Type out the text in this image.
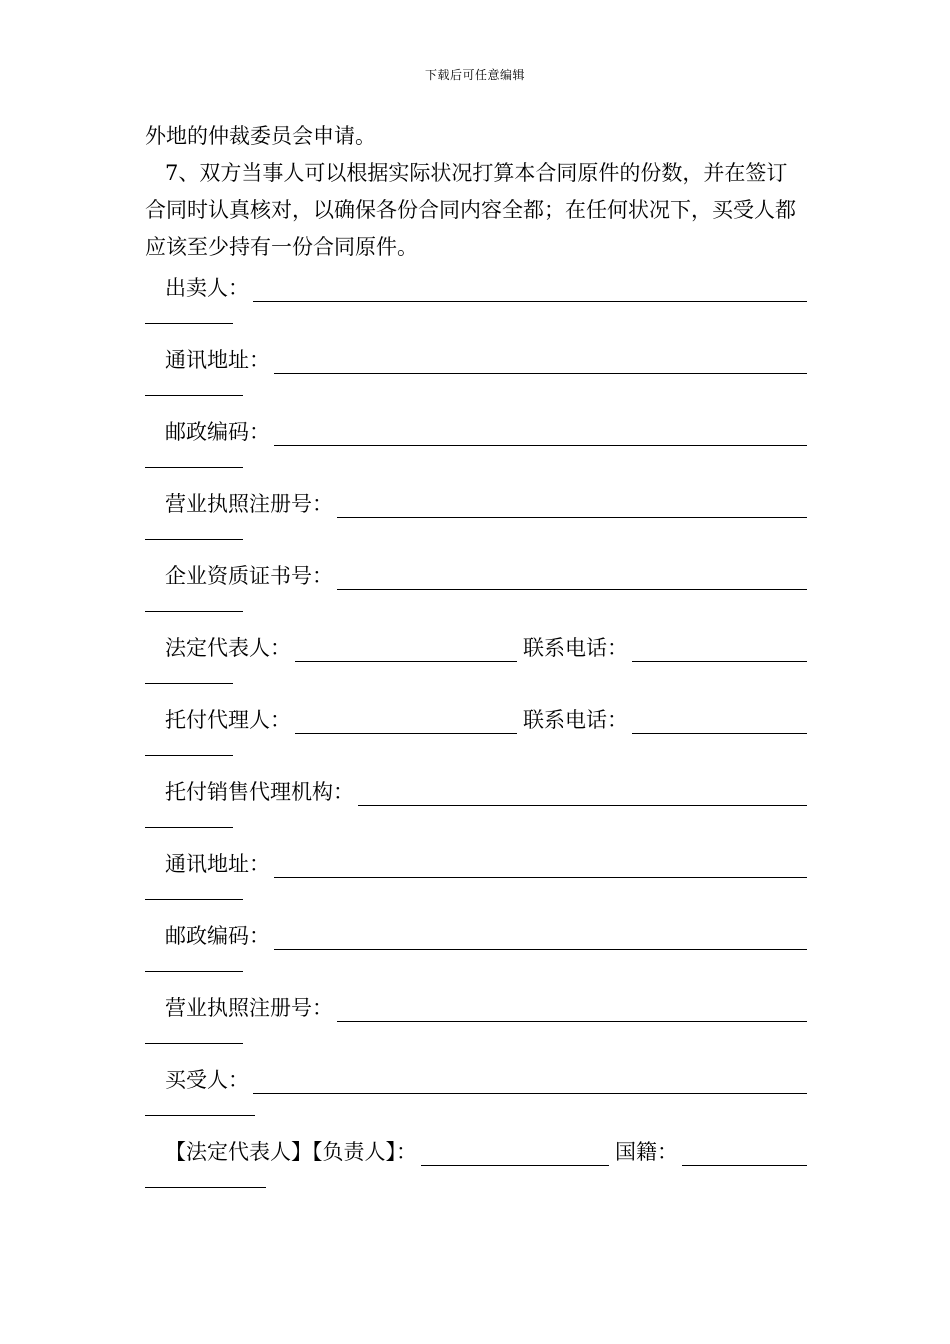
下载后可任意编辑

外地的仲裁委员会申请。

7、双方当事人可以根据实际状况打算本合同原件的份数，并在签订合同时认真核对，以确保各份合同内容全都；在任何状况下，买受人都应该至少持有一份合同原件。

出卖人：
通讯地址：
邮政编码：
营业执照注册号：
企业资质证书号：
法定代表人：	联系电话：
托付代理人：	联系电话：
托付销售代理机构：
通讯地址：
邮政编码：
营业执照注册号：
买受人：
【法定代表人】【负责人】：	国籍：
